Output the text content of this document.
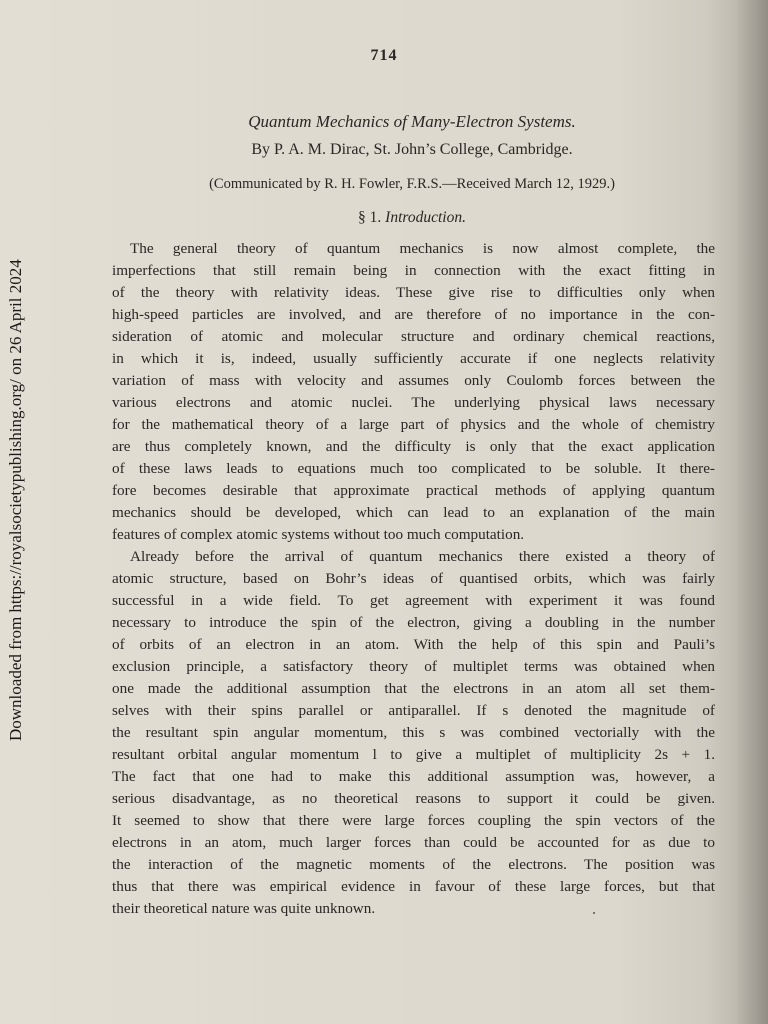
Downloaded from https://royalsocietypublishing.org/ on 26 April 2024
714
Quantum Mechanics of Many-Electron Systems.
By P. A. M. Dirac, St. John’s College, Cambridge.
(Communicated by R. H. Fowler, F.R.S.—Received March 12, 1929.)
§ 1. Introduction.
The general theory of quantum mechanics is now almost complete, the
imperfections that still remain being in connection with the exact fitting in
of the theory with relativity ideas. These give rise to difficulties only when
high-speed particles are involved, and are therefore of no importance in the con-
sideration of atomic and molecular structure and ordinary chemical reactions,
in which it is, indeed, usually sufficiently accurate if one neglects relativity
variation of mass with velocity and assumes only Coulomb forces between the
various electrons and atomic nuclei. The underlying physical laws necessary
for the mathematical theory of a large part of physics and the whole of chemistry
are thus completely known, and the difficulty is only that the exact application
of these laws leads to equations much too complicated to be soluble. It there-
fore becomes desirable that approximate practical methods of applying quantum
mechanics should be developed, which can lead to an explanation of the main
features of complex atomic systems without too much computation.
Already before the arrival of quantum mechanics there existed a theory of
atomic structure, based on Bohr’s ideas of quantised orbits, which was fairly
successful in a wide field. To get agreement with experiment it was found
necessary to introduce the spin of the electron, giving a doubling in the number
of orbits of an electron in an atom. With the help of this spin and Pauli’s
exclusion principle, a satisfactory theory of multiplet terms was obtained when
one made the additional assumption that the electrons in an atom all set them-
selves with their spins parallel or antiparallel. If s denoted the magnitude of
the resultant spin angular momentum, this s was combined vectorially with the
resultant orbital angular momentum l to give a multiplet of multiplicity 2s + 1.
The fact that one had to make this additional assumption was, however, a
serious disadvantage, as no theoretical reasons to support it could be given.
It seemed to show that there were large forces coupling the spin vectors of the
electrons in an atom, much larger forces than could be accounted for as due to
the interaction of the magnetic moments of the electrons. The position was
thus that there was empirical evidence in favour of these large forces, but that
their theoretical nature was quite unknown.
